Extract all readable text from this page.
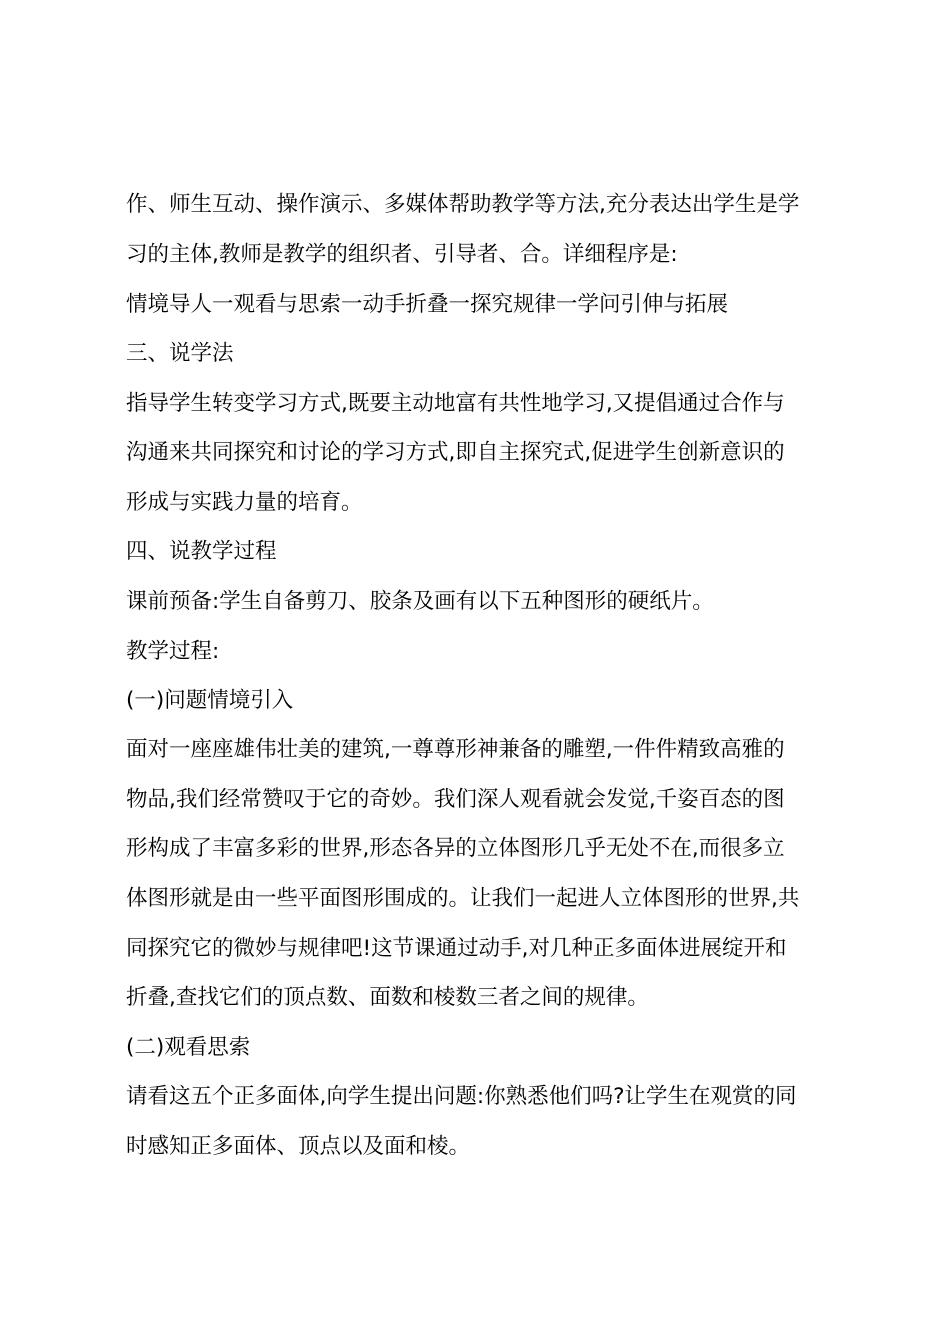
作、师生互动、操作演示、多媒体帮助教学等方法,充分表达出学生是学
习的主体,教师是教学的组织者、引导者、合。详细程序是:
情境导人一观看与思索一动手折叠一探究规律一学问引伸与拓展
三、说学法
指导学生转变学习方式,既要主动地富有共性地学习,又提倡通过合作与
沟通来共同探究和讨论的学习方式,即自主探究式,促进学生创新意识的
形成与实践力量的培育。
四、说教学过程
课前预备:学生自备剪刀、胶条及画有以下五种图形的硬纸片。
教学过程:
(一)问题情境引入
面对一座座雄伟壮美的建筑,一尊尊形神兼备的雕塑,一件件精致高雅的
物品,我们经常赞叹于它的奇妙。我们深人观看就会发觉,千姿百态的图
形构成了丰富多彩的世界,形态各异的立体图形几乎无处不在,而很多立
体图形就是由一些平面图形围成的。让我们一起进人立体图形的世界,共
同探究它的微妙与规律吧!这节课通过动手,对几种正多面体进展绽开和
折叠,查找它们的顶点数、面数和棱数三者之间的规律。
(二)观看思索
请看这五个正多面体,向学生提出问题:你熟悉他们吗?让学生在观赏的同
时感知正多面体、顶点以及面和棱。
